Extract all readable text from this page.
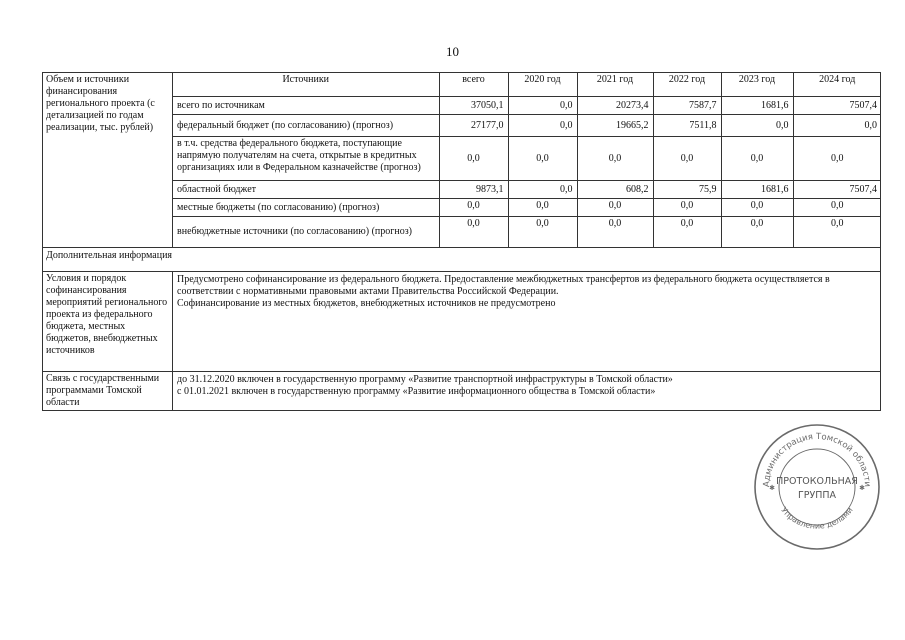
10
Объем и источники финансирования регионального проекта (с детализацией по годам реализации, тыс. рублей)	
Источники	всего	2020 год	2021 год	2022 год	2023 год	2024 год
всего по источникам	37050,1	0,0	20273,4	7587,7	1681,6	7507,4
федеральный бюджет (по согласованию) (прогноз)	27177,0	0,0	19665,2	7511,8	0,0	0,0
в т.ч. средства федерального бюджета, поступающие напрямую получателям на счета, открытые в кредитных организациях или в Федеральном казначействе (прогноз)	0,0	0,0	0,0	0,0	0,0	0,0
областной бюджет	9873,1	0,0	608,2	75,9	1681,6	7507,4
местные бюджеты (по согласованию) (прогноз)	0,0	0,0	0,0	0,0	0,0	0,0
внебюджетные источники (по согласованию) (прогноз)	0,0	0,0	0,0	0,0	0,0	0,0

Дополнительная информация
Условия и порядок софинансирования мероприятий регионального проекта из федерального бюджета, местных бюджетов, внебюджетных источников	
Предусмотрено софинансирование из федерального бюджета. Предоставление межбюджетных трансфертов из федерального бюджета осуществляется в соответствии с нормативными правовыми актами Правительства Российской Федерации.
Софинансирование из местных бюджетов, внебюджетных источников не предусмотрено

Связь с государственными программами Томской области	
до 31.12.2020 включен в государственную программу «Развитие транспортной инфраструктуры в Томской области»
с 01.01.2021 включен в государственную программу «Развитие информационного общества в Томской области»
Администрация Томской области
Управление делами
ПРОТОКОЛЬНАЯ
ГРУППА
✱	✱
